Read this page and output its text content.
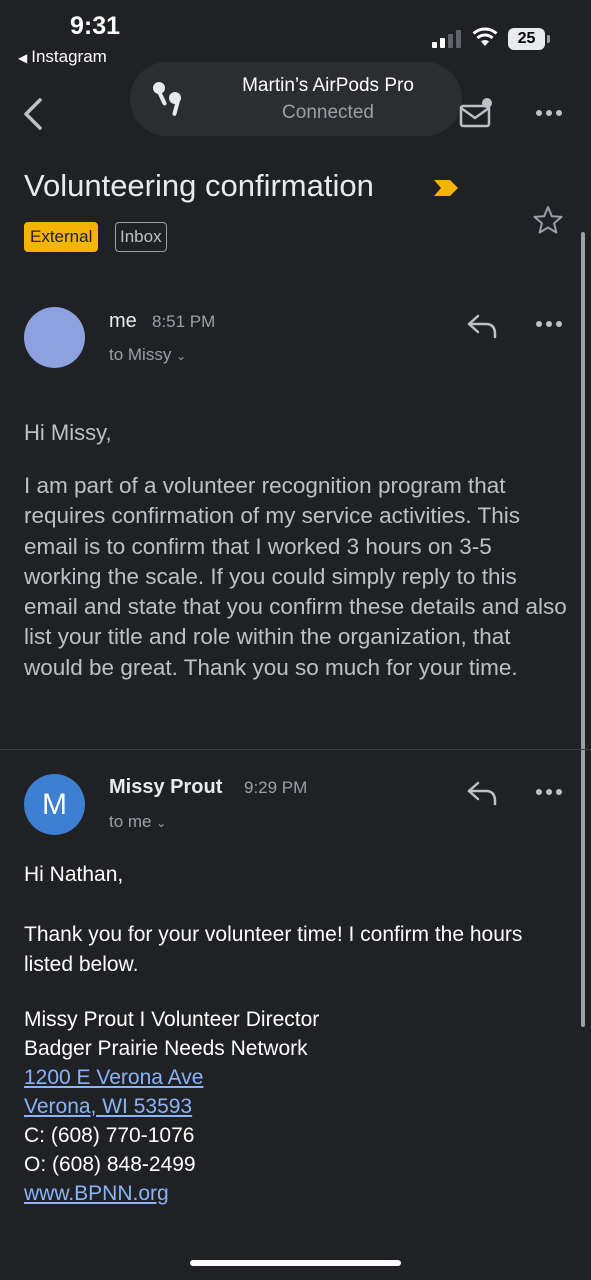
9:31
◀ Instagram
25
Martin’s AirPods Pro
Connected
Volunteering confirmation
External	Inbox
me 8:51 PM
to Missy ⌄
Hi Missy,
I am part of a volunteer recognition program that requires confirmation of my service activities. This email is to confirm that I worked 3 hours on 3-5 working the scale. If you could simply reply to this email and state that you confirm these details and also list your title and role within the organization, that would be great. Thank you so much for your time.
M
Missy Prout 9:29 PM
to me ⌄
Hi Nathan,
Thank you for your volunteer time! I confirm the hours listed below.
Missy Prout I Volunteer Director
Badger Prairie Needs Network
1200 E Verona Ave
Verona, WI 53593
C: (608) 770-1076
O: (608) 848-2499
www.BPNN.org
